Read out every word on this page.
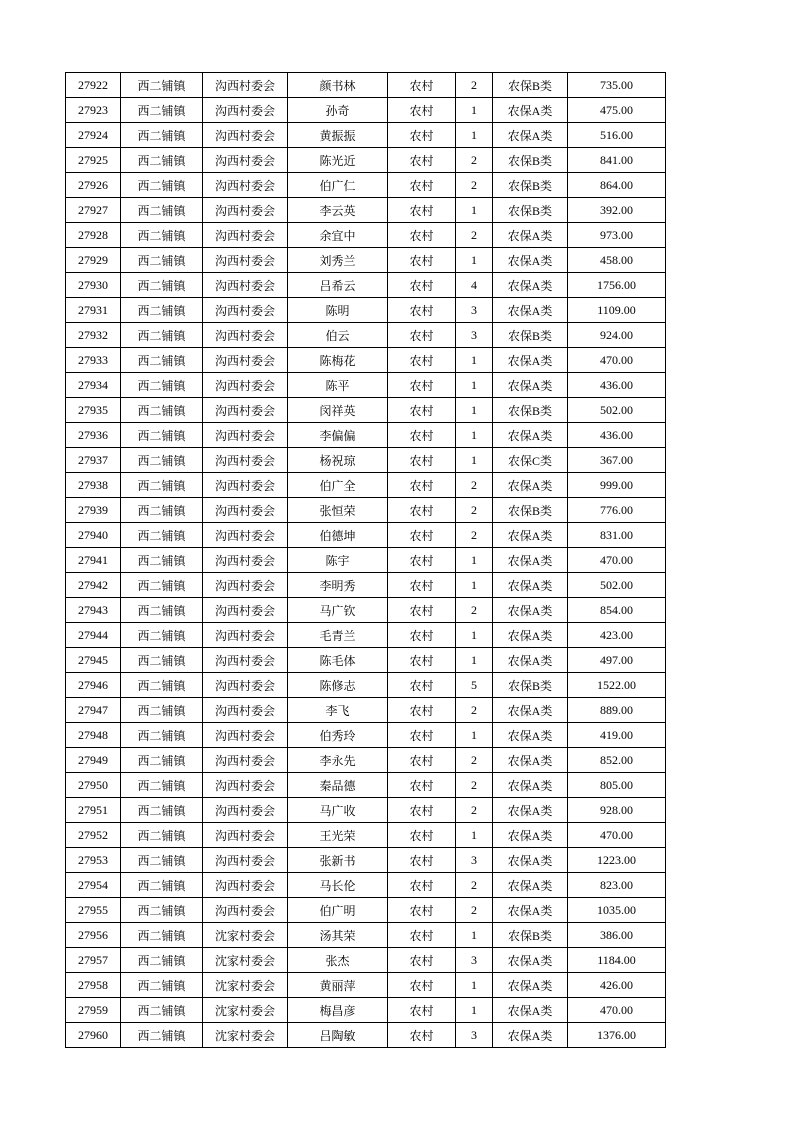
27922	西二铺镇	沟西村委会	颜书林	农村	2	农保B类	735.00
27923	西二铺镇	沟西村委会	孙奇	农村	1	农保A类	475.00
27924	西二铺镇	沟西村委会	黄振振	农村	1	农保A类	516.00
27925	西二铺镇	沟西村委会	陈光近	农村	2	农保B类	841.00
27926	西二铺镇	沟西村委会	伯广仁	农村	2	农保B类	864.00
27927	西二铺镇	沟西村委会	李云英	农村	1	农保B类	392.00
27928	西二铺镇	沟西村委会	余宜中	农村	2	农保A类	973.00
27929	西二铺镇	沟西村委会	刘秀兰	农村	1	农保A类	458.00
27930	西二铺镇	沟西村委会	吕希云	农村	4	农保A类	1756.00
27931	西二铺镇	沟西村委会	陈明	农村	3	农保A类	1109.00
27932	西二铺镇	沟西村委会	伯云	农村	3	农保B类	924.00
27933	西二铺镇	沟西村委会	陈梅花	农村	1	农保A类	470.00
27934	西二铺镇	沟西村委会	陈平	农村	1	农保A类	436.00
27935	西二铺镇	沟西村委会	闵祥英	农村	1	农保B类	502.00
27936	西二铺镇	沟西村委会	李偏偏	农村	1	农保A类	436.00
27937	西二铺镇	沟西村委会	杨祝琼	农村	1	农保C类	367.00
27938	西二铺镇	沟西村委会	伯广全	农村	2	农保A类	999.00
27939	西二铺镇	沟西村委会	张恒荣	农村	2	农保B类	776.00
27940	西二铺镇	沟西村委会	伯德坤	农村	2	农保A类	831.00
27941	西二铺镇	沟西村委会	陈宇	农村	1	农保A类	470.00
27942	西二铺镇	沟西村委会	李明秀	农村	1	农保A类	502.00
27943	西二铺镇	沟西村委会	马广钦	农村	2	农保A类	854.00
27944	西二铺镇	沟西村委会	毛青兰	农村	1	农保A类	423.00
27945	西二铺镇	沟西村委会	陈毛体	农村	1	农保A类	497.00
27946	西二铺镇	沟西村委会	陈修志	农村	5	农保B类	1522.00
27947	西二铺镇	沟西村委会	李飞	农村	2	农保A类	889.00
27948	西二铺镇	沟西村委会	伯秀玲	农村	1	农保A类	419.00
27949	西二铺镇	沟西村委会	李永先	农村	2	农保A类	852.00
27950	西二铺镇	沟西村委会	秦品德	农村	2	农保A类	805.00
27951	西二铺镇	沟西村委会	马广收	农村	2	农保A类	928.00
27952	西二铺镇	沟西村委会	王光荣	农村	1	农保A类	470.00
27953	西二铺镇	沟西村委会	张新书	农村	3	农保A类	1223.00
27954	西二铺镇	沟西村委会	马长伦	农村	2	农保A类	823.00
27955	西二铺镇	沟西村委会	伯广明	农村	2	农保A类	1035.00
27956	西二铺镇	沈家村委会	汤其荣	农村	1	农保B类	386.00
27957	西二铺镇	沈家村委会	张杰	农村	3	农保A类	1184.00
27958	西二铺镇	沈家村委会	黄丽萍	农村	1	农保A类	426.00
27959	西二铺镇	沈家村委会	梅昌彦	农村	1	农保A类	470.00
27960	西二铺镇	沈家村委会	吕陶敏	农村	3	农保A类	1376.00
